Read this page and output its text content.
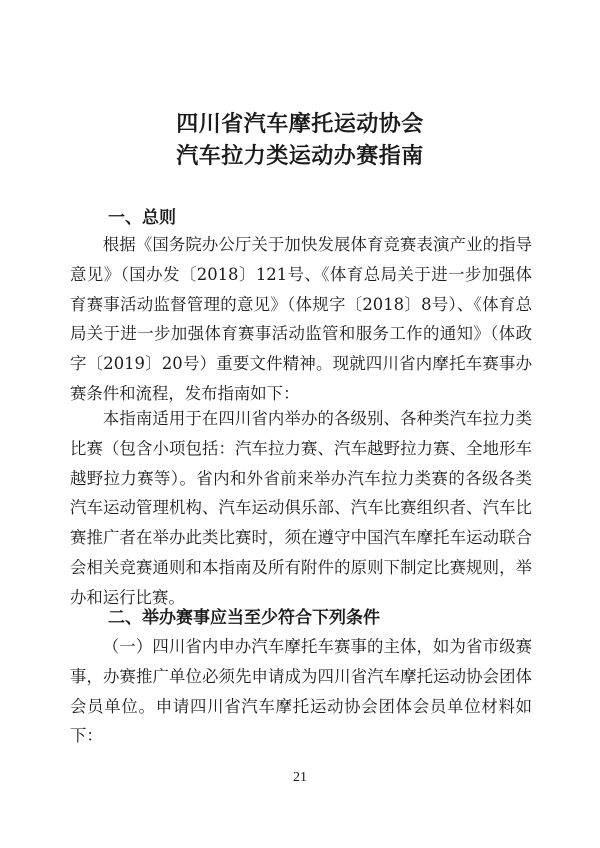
四川省汽车摩托运动协会
汽车拉力类运动办赛指南
一、总则

根据《国务院办公厅关于加快发展体育竞赛表演产业的指导意见》（国办发〔2018〕121号、《体育总局关于进一步加强体育赛事活动监督管理的意见》（体规字〔2018〕8号）、《体育总局关于进一步加强体育赛事活动监管和服务工作的通知》（体政字〔2019〕20号）重要文件精神。现就四川省内摩托车赛事办赛条件和流程，发布指南如下：

本指南适用于在四川省内举办的各级别、各种类汽车拉力类比赛（包含小项包括：汽车拉力赛、汽车越野拉力赛、全地形车越野拉力赛等）。省内和外省前来举办汽车拉力类赛的各级各类汽车运动管理机构、汽车运动俱乐部、汽车比赛组织者、汽车比赛推广者在举办此类比赛时，须在遵守中国汽车摩托车运动联合会相关竞赛通则和本指南及所有附件的原则下制定比赛规则，举办和运行比赛。

二、举办赛事应当至少符合下列条件

（一）四川省内申办汽车摩托车赛事的主体，如为省市级赛事，办赛推广单位必须先申请成为四川省汽车摩托运动协会团体会员单位。申请四川省汽车摩托运动协会团体会员单位材料如下：

21
